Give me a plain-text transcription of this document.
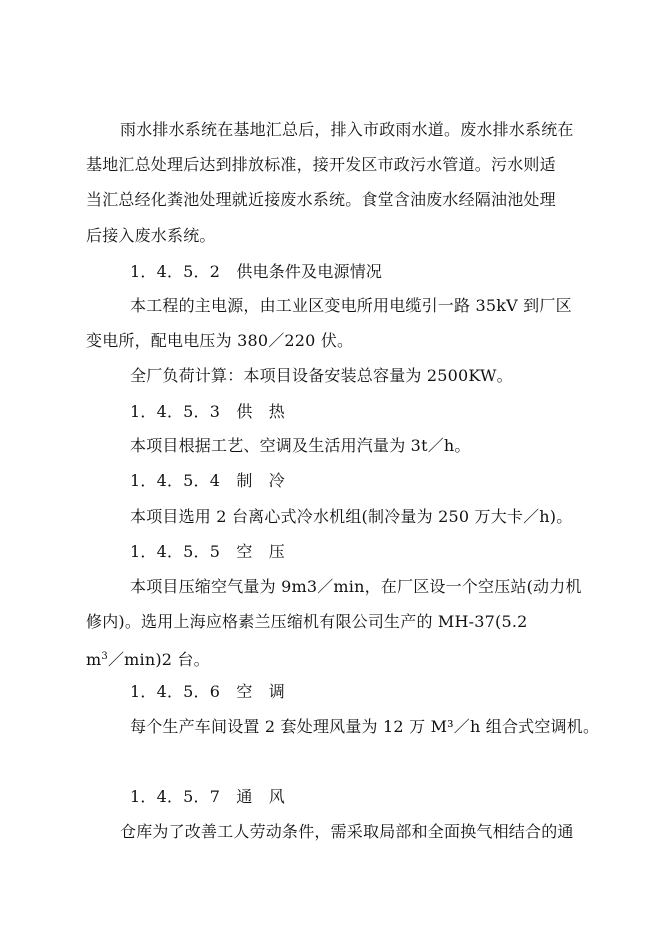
雨水排水系统在基地汇总后，排入市政雨水道。废水排水系统在
基地汇总处理后达到排放标准，接开发区市政污水管道。污水则适
当汇总经化粪池处理就近接废水系统。食堂含油废水经隔油池处理
后接入废水系统。
1．4．5．2　供电条件及电源情况
本工程的主电源，由工业区变电所用电缆引一路 35kV 到厂区
变电所，配电电压为 380／220 伏。
全厂负荷计算：本项目设备安装总容量为 2500KW。
1．4．5．3　供　热
本项目根据工艺、空调及生活用汽量为 3t／h。
1．4．5．4　制　冷
本项目选用 2 台离心式冷水机组(制冷量为 250 万大卡／h)。
1．4．5．5　空　压
本项目压缩空气量为 9m3／min，在厂区设一个空压站(动力机
修内)。选用上海应格素兰压缩机有限公司生产的 MH-37(5.2
$m^3/\min)2$ 台。
1．4．5．6　空　调
每个生产车间设置 2 套处理风量为 12 万 M³／h 组合式空调机。
1．4．5．7　通　风
仓库为了改善工人劳动条件，需采取局部和全面换气相结合的通
